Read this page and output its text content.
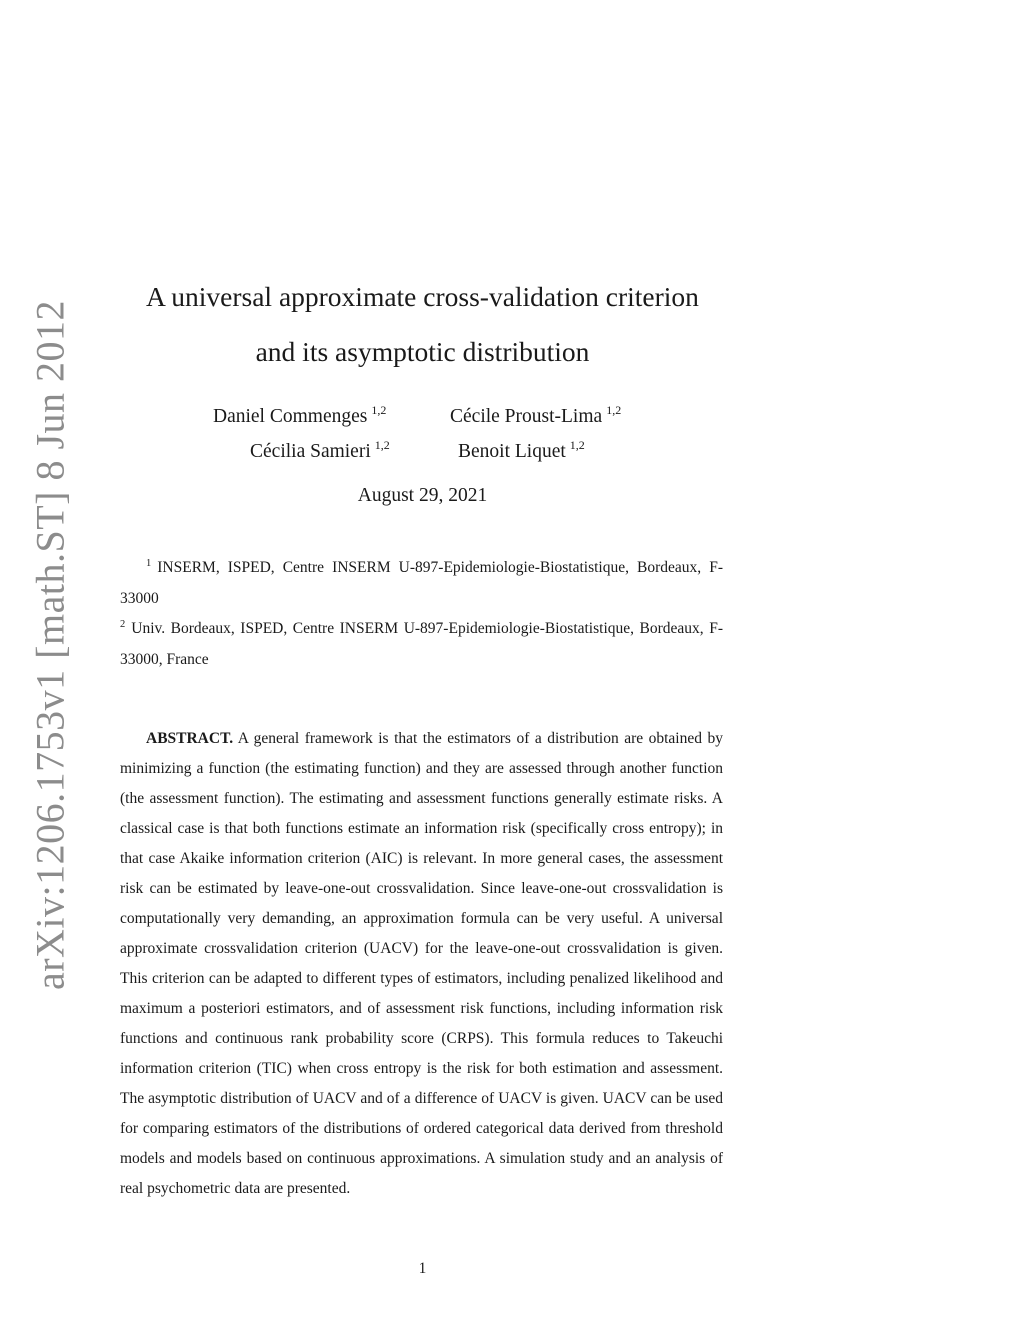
arXiv:1206.1753v1 [math.ST] 8 Jun 2012
A universal approximate cross-validation criterion
and its asymptotic distribution
Daniel Commenges $^{1,2}$	Cécile Proust-Lima $^{1,2}$
Cécilia Samieri $^{1,2}$	Benoit Liquet $^{1,2}$
August 29, 2021
$^1$ INSERM, ISPED, Centre INSERM U-897-Epidemiologie-Biostatistique, Bordeaux, F-33000
$^2$ Univ. Bordeaux, ISPED, Centre INSERM U-897-Epidemiologie-Biostatistique, Bordeaux, F-33000, France
ABSTRACT. A general framework is that the estimators of a distribution are obtained by minimizing a function (the estimating function) and they are assessed through another function (the assessment function). The estimating and assessment functions generally estimate risks. A classical case is that both functions estimate an information risk (specifically cross entropy); in that case Akaike information criterion (AIC) is relevant. In more general cases, the assessment risk can be estimated by leave-one-out crossvalidation. Since leave-one-out crossvalidation is computationally very demanding, an approximation formula can be very useful. A universal approximate crossvalidation criterion (UACV) for the leave-one-out crossvalidation is given. This criterion can be adapted to different types of estimators, including penalized likelihood and maximum a posteriori estimators, and of assessment risk functions, including information risk functions and continuous rank probability score (CRPS). This formula reduces to Takeuchi information criterion (TIC) when cross entropy is the risk for both estimation and assessment. The asymptotic distribution of UACV and of a difference of UACV is given. UACV can be used for comparing estimators of the distributions of ordered categorical data derived from threshold models and models based on continuous approximations. A simulation study and an analysis of real psychometric data are presented.
1
